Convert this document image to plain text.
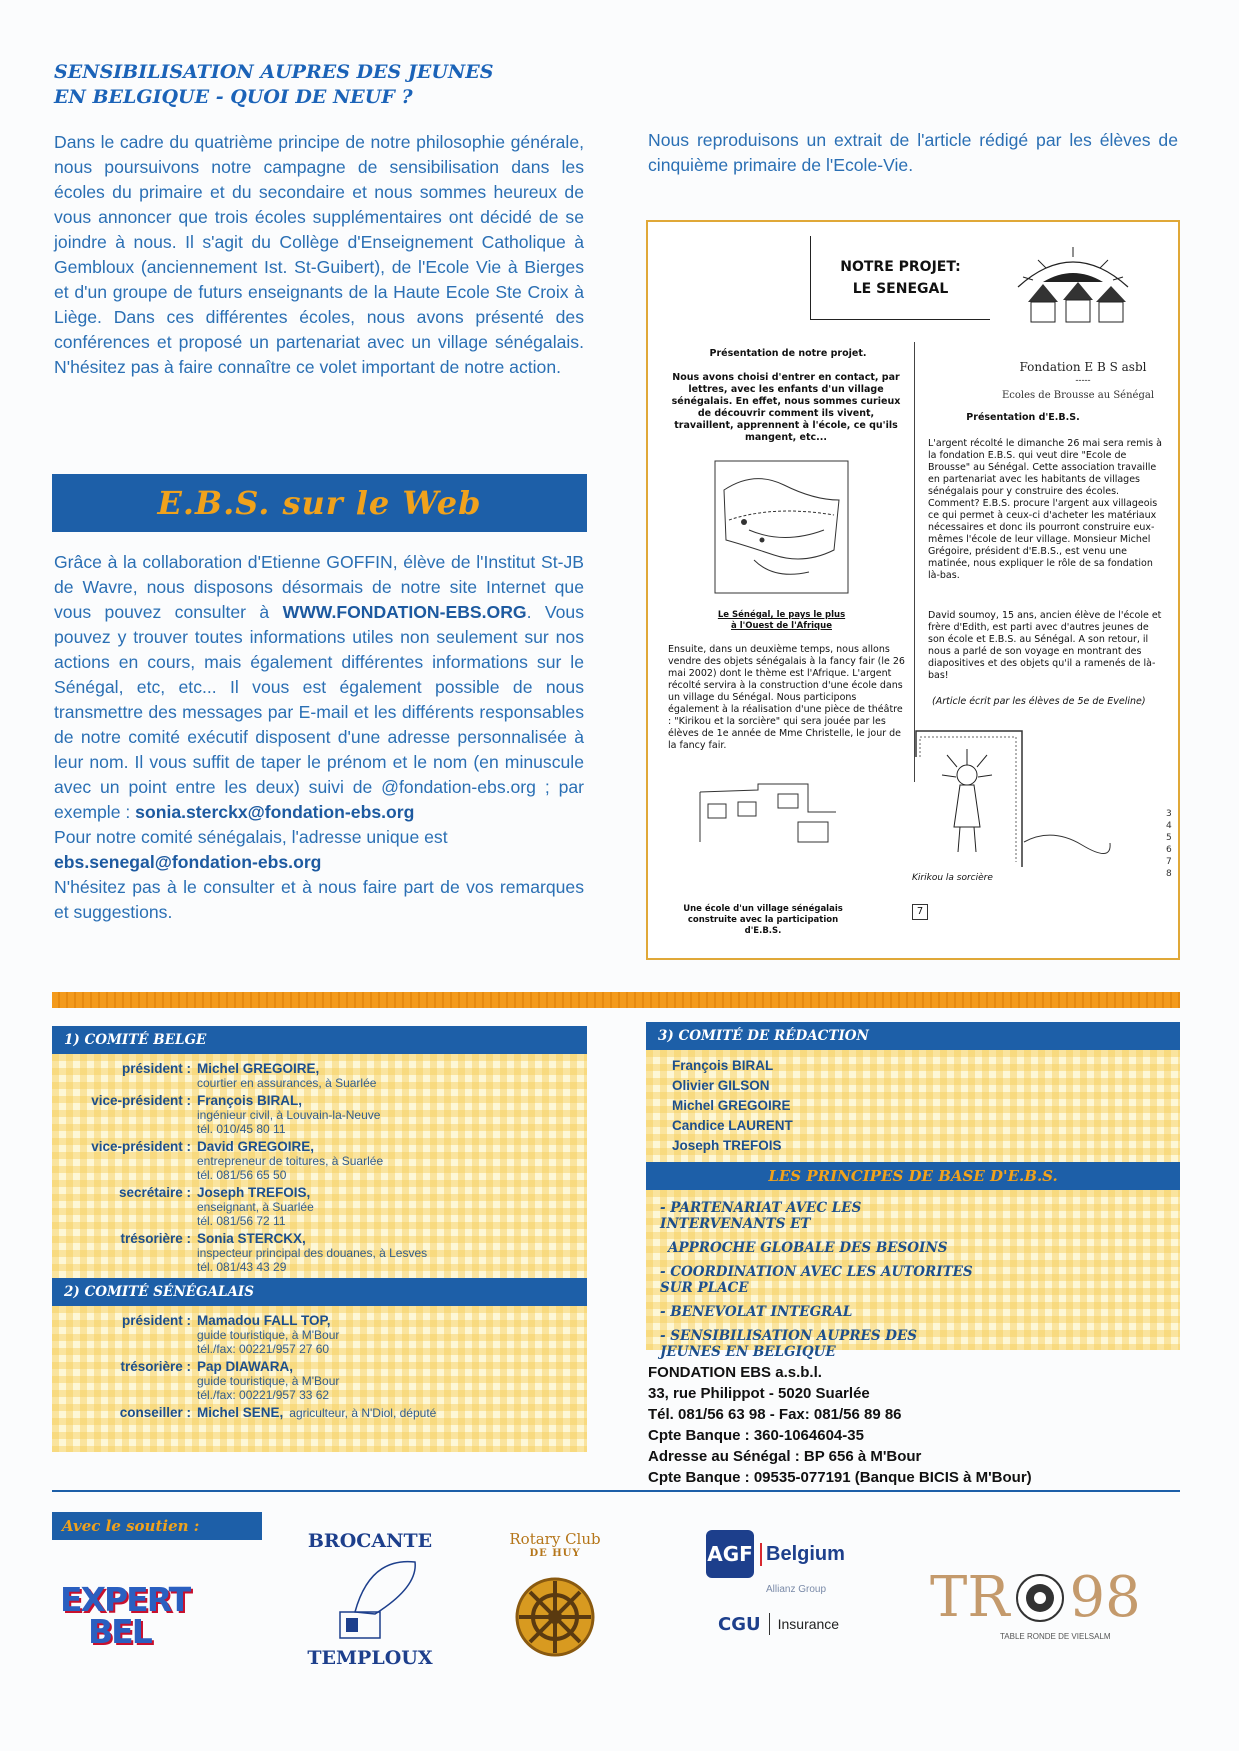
SENSIBILISATION AUPRES DES JEUNES
EN BELGIQUE - QUOI DE NEUF ?

Dans le cadre du quatrième principe de notre philosophie générale, nous poursuivons notre campagne de sensibilisation dans les écoles du primaire et du secondaire et nous sommes heureux de vous annoncer que trois écoles supplémentaires ont décidé de se joindre à nous. Il s'agit du Collège d'Enseignement Catholique à Gembloux (anciennement Ist. St-Guibert), de l'Ecole Vie à Bierges et d'un groupe de futurs enseignants de la Haute Ecole Ste Croix à Liège. Dans ces différentes écoles, nous avons présenté des conférences et proposé un partenariat avec un village sénégalais. N'hésitez pas à faire connaître ce volet important de notre action.

E.B.S. sur le Web
Grâce à la collaboration d'Etienne GOFFIN, élève de l'Institut St-JB de Wavre, nous disposons désormais de notre site Internet que vous pouvez consulter à WWW.FONDATION-EBS.ORG. Vous pouvez y trouver toutes informations utiles non seulement sur nos actions en cours, mais également différentes informations sur le Sénégal, etc, etc... Il vous est également possible de nous transmettre des messages par E-mail et les différents responsables de notre comité exécutif disposent d'une adresse personnalisée à leur nom. Il vous suffit de taper le prénom et le nom (en minuscule avec un point entre les deux) suivi de @fondation-ebs.org ; par exemple : sonia.sterckx@fondation-ebs.org
Pour notre comité sénégalais, l'adresse unique est
ebs.senegal@fondation-ebs.org
N'hésitez pas à le consulter et à nous faire part de vos remarques et suggestions.

Nous reproduisons un extrait de l'article rédigé par les élèves de cinquième primaire de l'Ecole-Vie.

NOTRE PROJET:
LE SENEGAL
Présentation de notre projet.
Nous avons choisi d'entrer en contact, par lettres, avec les enfants d'un village sénégalais. En effet, nous sommes curieux de découvrir comment ils vivent, travaillent, apprennent à l'école, ce qu'ils mangent, etc...
Le Sénégal, le pays le plus à l'Ouest de l'Afrique
Ensuite, dans un deuxième temps, nous allons vendre des objets sénégalais à la fancy fair (le 26 mai 2002) dont le thème est l'Afrique. L'argent récolté servira à la construction d'une école dans un village du Sénégal. Nous participons également à la réalisation d'une pièce de théâtre : "Kirikou et la sorcière" qui sera jouée par les élèves de 1e année de Mme Christelle, le jour de la fancy fair.
Une école d'un village sénégalais construite avec la participation d'E.B.S.
7
Fondation E B S asbl
-----
Ecoles de Brousse au Sénégal
Présentation d'E.B.S.
L'argent récolté le dimanche 26 mai sera remis à la fondation E.B.S. qui veut dire "Ecole de Brousse" au Sénégal. Cette association travaille en partenariat avec les habitants de villages sénégalais pour y construire des écoles. Comment? E.B.S. procure l'argent aux villageois ce qui permet à ceux-ci d'acheter les matériaux nécessaires et donc ils pourront construire eux-mêmes l'école de leur village. Monsieur Michel Grégoire, président d'E.B.S., est venu une matinée, nous expliquer le rôle de sa fondation là-bas.
David soumoy, 15 ans, ancien élève de l'école et frère d'Edith, est parti avec d'autres jeunes de son école et E.B.S. au Sénégal. A son retour, il nous a parlé de son voyage en montrant des diapositives et des objets qu'il a ramenés de là-bas!
(Article écrit par les élèves de 5e de Eveline)
Kirikou la sorcière
3
4
5
6
7
8
1) COMITÉ BELGE
président : Michel GREGOIRE,
courtier en assurances, à Suarlée
vice-président : François BIRAL,
ingénieur civil, à Louvain-la-Neuve
tél. 010/45 80 11
vice-président : David GREGOIRE,
entrepreneur de toitures, à Suarlée
tél. 081/56 65 50
secrétaire : Joseph TREFOIS,
enseignant, à Suarlée
tél. 081/56 72 11
trésorière : Sonia STERCKX,
inspecteur principal des douanes, à Lesves
tél. 081/43 43 29
2) COMITÉ SÉNÉGALAIS
président : Mamadou FALL TOP,
guide touristique, à M'Bour
tél./fax: 00221/957 27 60
trésorière : Pap DIAWARA,
guide touristique, à M'Bour
tél./fax: 00221/957 33 62
conseiller : Michel SENE, agriculteur, à N'Diol, député
3) COMITÉ DE RÉDACTION
François BIRAL
Olivier GILSON
Michel GREGOIRE
Candice LAURENT
Joseph TREFOIS
LES PRINCIPES DE BASE D'E.B.S.
- PARTENARIAT AVEC LES INTERVENANTS ET
APPROCHE GLOBALE DES BESOINS
- COORDINATION AVEC LES AUTORITES SUR PLACE
- BENEVOLAT INTEGRAL
- SENSIBILISATION AUPRES DES JEUNES EN BELGIQUE
FONDATION EBS a.s.b.l.
33, rue Philippot - 5020 Suarlée
Tél. 081/56 63 98 - Fax: 081/56 89 86
Cpte Banque : 360-1064604-35
Adresse au Sénégal : BP 656 à M'Bour
Cpte Banque : 09535-077191 (Banque BICIS à M'Bour)
Avec le soutien :
EXPERT
BEL
BROCANTE
TEMPLOUX
Rotary Club
DE HUY	AGF Belgium
Allianz Group
CGU Insurance TR 98
TABLE RONDE DE VIELSALM
